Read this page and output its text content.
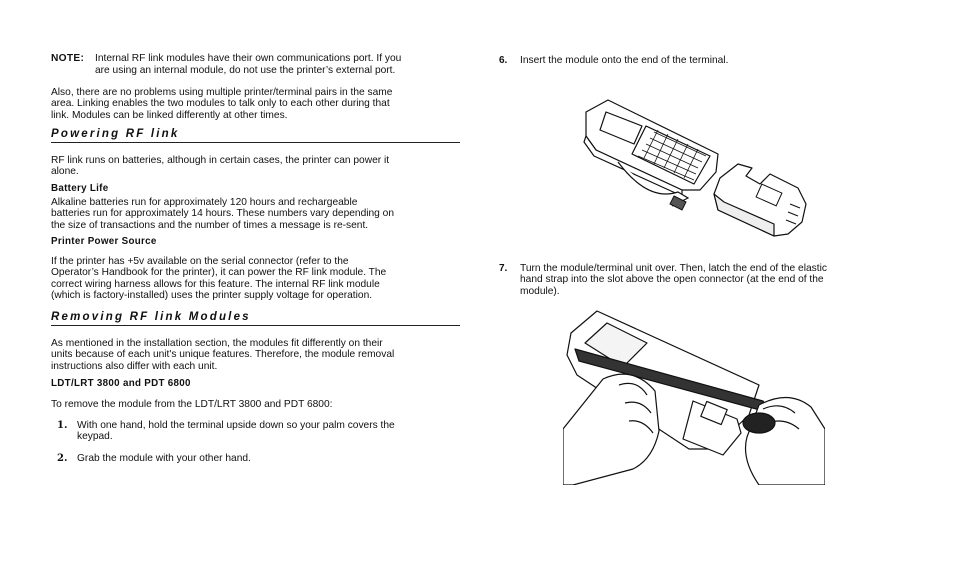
NOTE: Internal RF link modules have their own communications port. If you
are using an internal module, do not use the printer’s external port.
Also, there are no problems using multiple printer/terminal pairs in the same
area. Linking enables the two modules to talk only to each other during that
link. Modules can be linked differently at other times.
Powering RF link
RF link runs on batteries, although in certain cases, the printer can power it
alone.
Battery Life
Alkaline batteries run for approximately 120 hours and rechargeable
batteries run for approximately 14 hours. These numbers vary depending on
the size of transactions and the number of times a message is re-sent.
Printer Power Source
If the printer has +5v available on the serial connector (refer to the
Operator’s Handbook for the printer), it can power the RF link module. The
correct wiring harness allows for this feature. The internal RF link module
(which is factory-installed) uses the printer supply voltage for operation.
Removing RF link Modules
As mentioned in the installation section, the modules fit differently on their
units because of each unit's unique features. Therefore, the module removal
instructions also differ with each unit.
LDT/LRT 3800 and PDT 6800
To remove the module from the LDT/LRT 3800 and PDT 6800:
1. With one hand, hold the terminal upside down so your palm covers the
keypad.
2. Grab the module with your other hand.
6. Insert the module onto the end of the terminal.
7. Turn the module/terminal unit over. Then, latch the end of the elastic
hand strap into the slot above the open connector (at the end of the
module).
